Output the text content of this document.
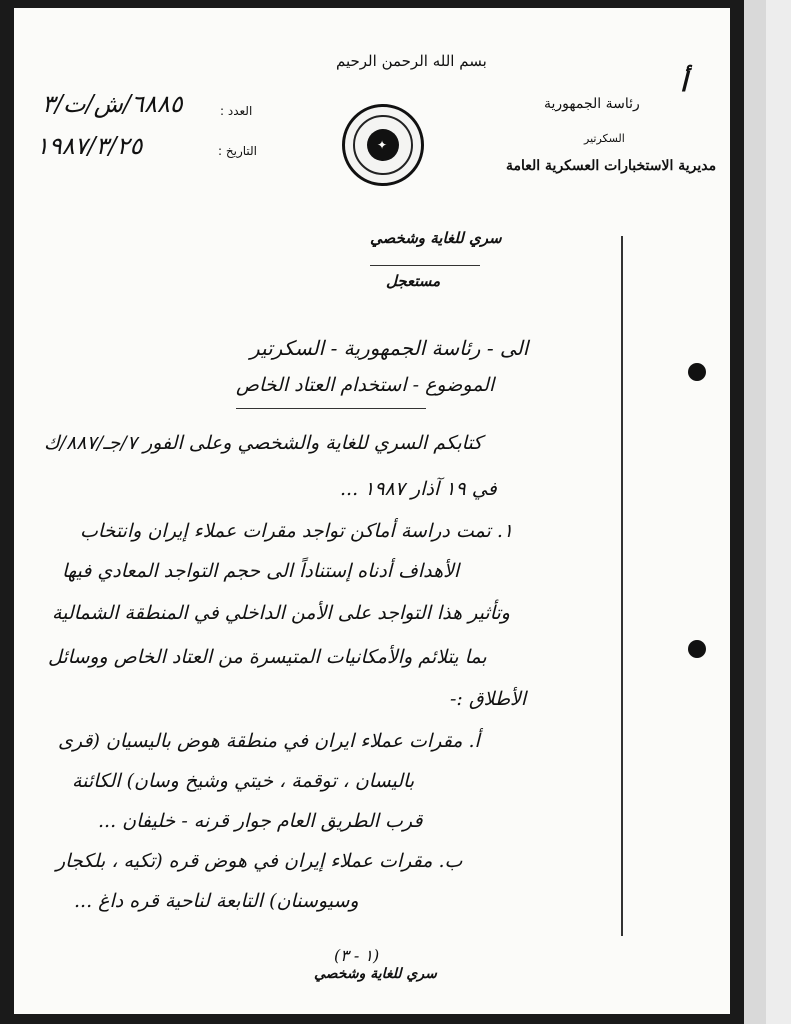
بسم الله الرحمن الرحيم
✦
العدد :
٦٨٨٥/ش/ت/٣
التاريخ :
١٩٨٧/٣/٢٥
رئاسة الجمهورية
السكرتير
مديرية الاستخبارات العسكرية العامة
أ
سري للغاية وشخصي
مستعجل
الى - رئاسة الجمهورية - السكرتير
الموضوع - استخدام العتاد الخاص
كتابكم السري للغاية والشخصي وعلى الفور ٧/جـ/٨٨٧/ك
في ١٩ آذار ١٩٨٧ ...
١. تمت دراسة أماكن تواجد مقرات عملاء إيران وانتخاب
الأهداف أدناه إستناداً الى حجم التواجد المعادي فيها
وتأثير هذا التواجد على الأمن الداخلي في المنطقة الشمالية
بما يتلائم والأمكانيات المتيسرة من العتاد الخاص ووسائل
الأطلاق :-
أ. مقرات عملاء ايران في منطقة هوض باليسيان (قرى
باليسان ، توقمة ، خيتي وشيخ وسان) الكائنة
قرب الطريق العام جوار قرنه - خليفان ...
ب. مقرات عملاء إيران في هوض قره (تكيه ، بلكجار
وسيوسنان) التابعة لناحية قره داغ ...
(١ - ٣)
سري للغاية وشخصي
